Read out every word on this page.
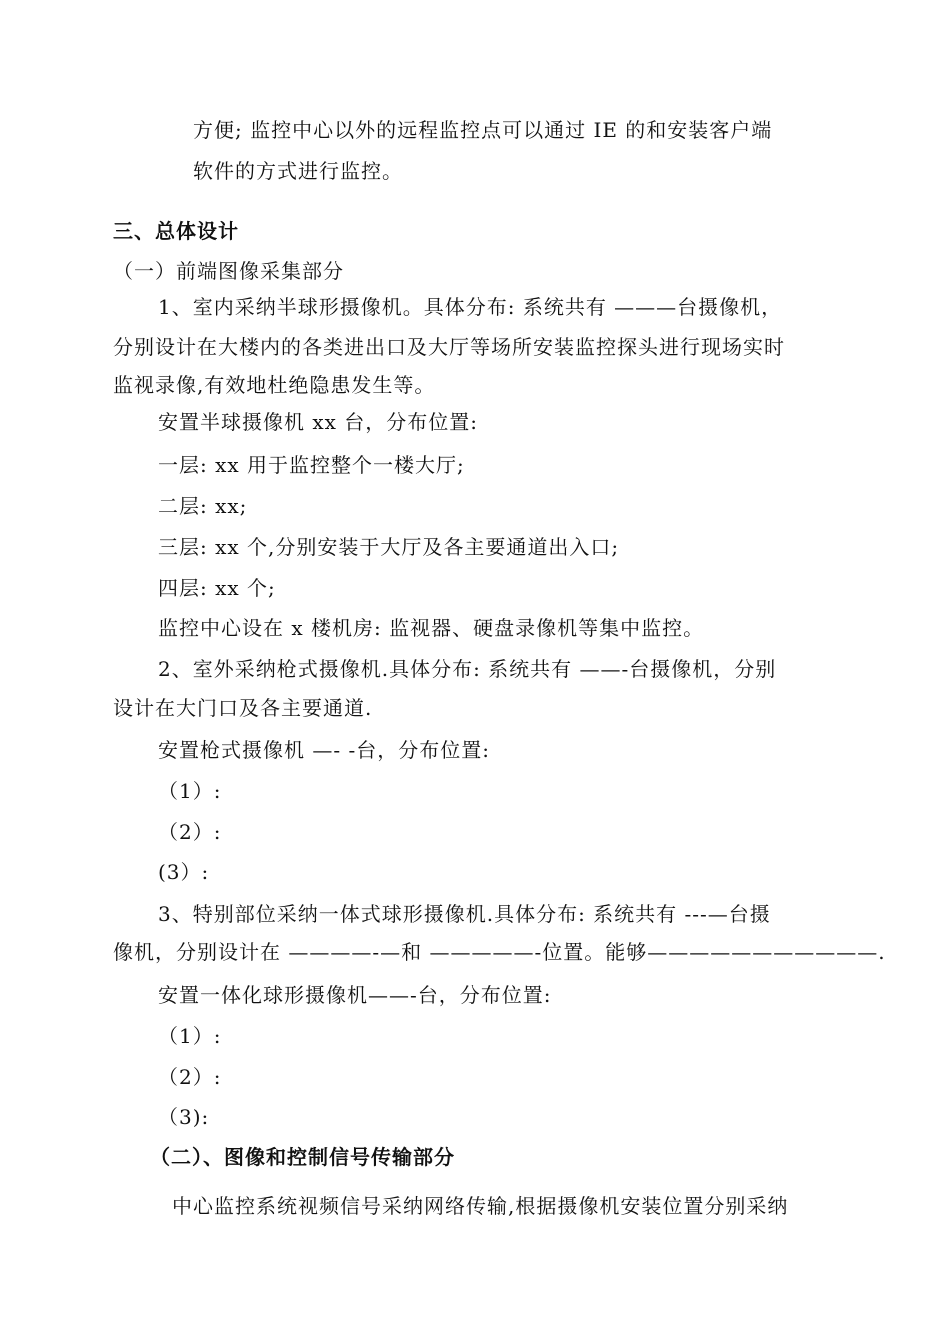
方便; 监控中心以外的远程监控点可以通过 IE 的和安装客户端
软件的方式进行监控。
三、总体设计
（一）前端图像采集部分
1、室内采纳半球形摄像机。具体分布: 系统共有 ———台摄像机，
分别设计在大楼内的各类进出口及大厅等场所安装监控探头进行现场实时
监视录像,有效地杜绝隐患发生等。
安置半球摄像机 xx 台，分布位置:
一层: xx 用于监控整个一楼大厅;
二层: xx;
三层: xx 个,分别安装于大厅及各主要通道出入口;
四层: xx 个;
监控中心设在 x 楼机房: 监视器、硬盘录像机等集中监控。
2、室外采纳枪式摄像机.具体分布: 系统共有 ——-台摄像机，分别
设计在大门口及各主要通道.
安置枪式摄像机 —- -台，分布位置:
（1）:
（2）:
(3）:
3、特别部位采纳一体式球形摄像机.具体分布: 系统共有 ---—台摄
像机，分别设计在 ————-—和 —————-位置。能够———————————.
安置一体化球形摄像机——-台，分布位置:
（1）:
（2）:
（3):
（二）、图像和控制信号传输部分
中心监控系统视频信号采纳网络传输,根据摄像机安装位置分别采纳
